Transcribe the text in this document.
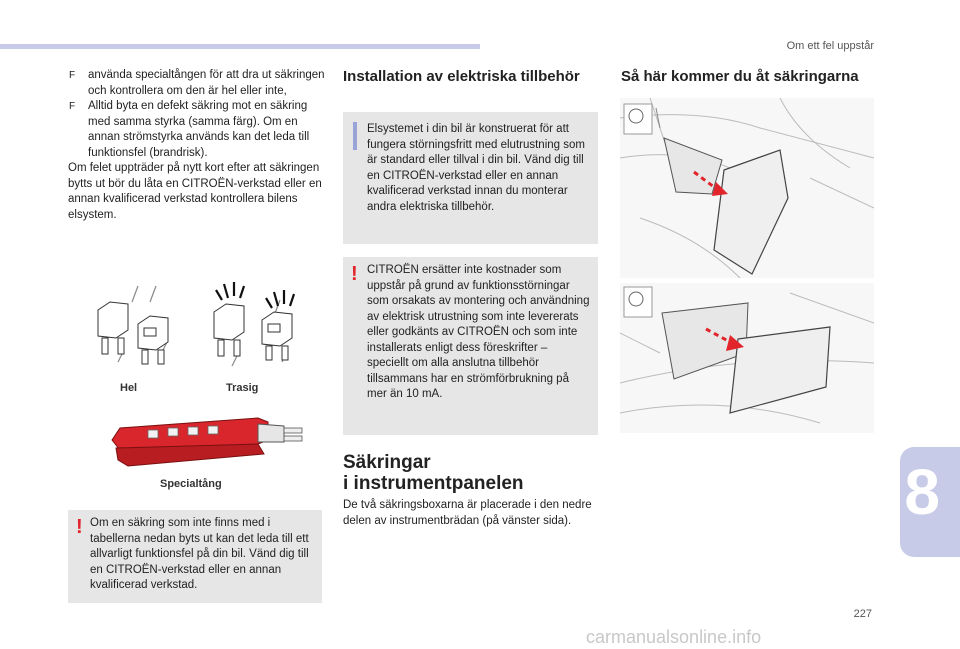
Om ett fel uppstår
F använda specialtången för att dra ut säkringen och kontrollera om den är hel eller inte,
F Alltid byta en defekt säkring mot en säkring med samma styrka (samma färg). Om en annan strömstyrka används kan det leda till funktionsfel (brandrisk).
Om felet uppträder på nytt kort efter att säkringen bytts ut bör du låta en CITROËN-verkstad eller en annan kvalificerad verkstad kontrollera bilens elsystem.
Hel	Trasig
Specialtång
! Om en säkring som inte finns med i tabellerna nedan byts ut kan det leda till ett allvarligt funktionsfel på din bil. Vänd dig till en CITROËN-verkstad eller en annan kvalificerad verkstad.
Installation av elektriska tillbehör
Elsystemet i din bil är konstruerat för att fungera störningsfritt med elutrustning som är standard eller tillval i din bil. Vänd dig till en CITROËN-verkstad eller en annan kvalificerad verkstad innan du monterar andra elektriska tillbehör.
! CITROËN ersätter inte kostnader som uppstår på grund av funktionsstörningar som orsakats av montering och användning av elektrisk utrustning som inte levererats eller godkänts av CITROËN och som inte installerats enligt dess föreskrifter – speciellt om alla anslutna tillbehör tillsammans har en strömförbrukning på mer än 10 mA.
Säkringar
i instrumentpanelen
De två säkringsboxarna är placerade i den nedre delen av instrumentbrädan (på vänster sida).
Så här kommer du åt säkringarna
8
227
carmanualsonline.info
